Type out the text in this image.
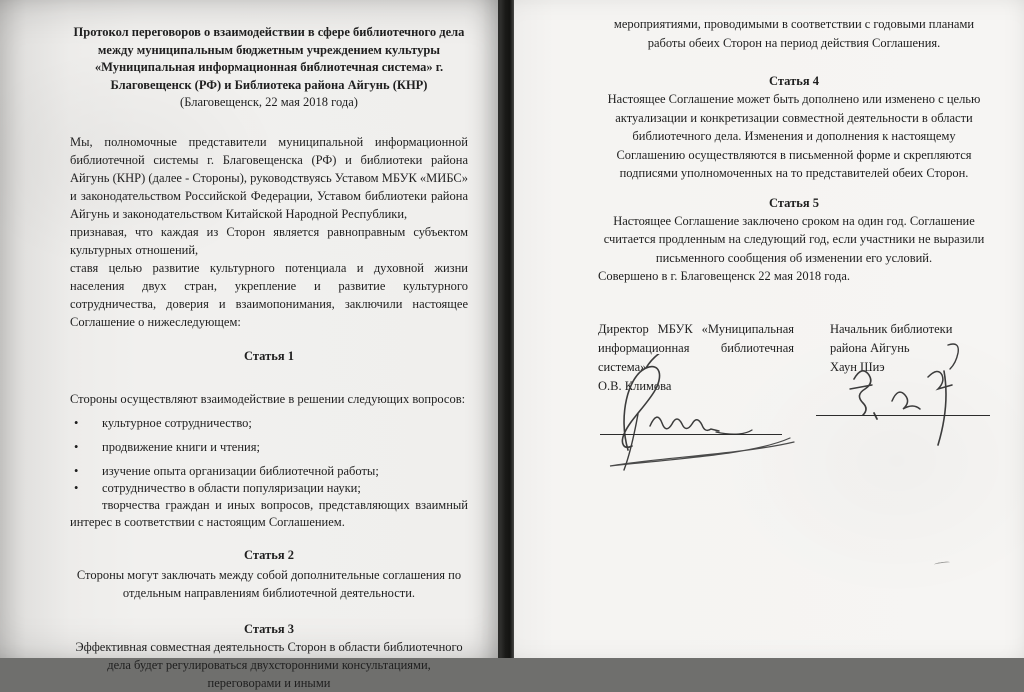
Протокол переговоров о взаимодействии в сфере библиотечного дела между муниципальным бюджетным учреждением культуры «Муниципальная информационная библиотечная система» г. Благовещенск (РФ) и Библиотека района Айгунь (КНР)

(Благовещенск, 22 мая 2018 года)

Мы, полномочные представители муниципальной информационной библиотечной системы г. Благовещенска (РФ) и библиотеки района Айгунь (КНР) (далее - Стороны), руководствуясь Уставом МБУК «МИБС» и законодательством Российской Федерации, Уставом библиотеки района Айгунь и законодательством Китайской Народной Республики,

признавая, что каждая из Сторон является равноправным субъектом культурных отношений,

ставя целью развитие культурного потенциала и духовной жизни населения двух стран, укрепление и развитие культурного сотрудничества, доверия и взаимопонимания, заключили настоящее Соглашение о нижеследующем:

Статья 1

Стороны осуществляют взаимодействие в решении следующих вопросов:

• культурное сотрудничество;
• продвижение книги и чтения;
• изучение опыта организации библиотечной работы;
• сотрудничество в области популяризации науки;

творчества граждан и иных вопросов, представляющих взаимный интерес в соответствии с настоящим Соглашением.

Статья 2

Стороны могут заключать между собой дополнительные соглашения по отдельным направлениям библиотечной деятельности.

Статья 3

Эффективная совместная деятельность Сторон в области библиотечного дела будет регулироваться двухсторонними консультациями, переговорами и иными

мероприятиями, проводимыми в соответствии с годовыми планами работы обеих Сторон на период действия Соглашения.

Статья 4

Настоящее Соглашение может быть дополнено или изменено с целью актуализации и конкретизации совместной деятельности в области библиотечного дела. Изменения и дополнения к настоящему Соглашению осуществляются в письменной форме и скрепляются подписями уполномоченных на то представителей обеих Сторон.

Статья 5

Настоящее Соглашение заключено сроком на один год. Соглашение считается продленным на следующий год, если участники не выразили письменного сообщения об изменении его условий.

Совершено в г. Благовещенск 22 мая 2018 года.

Директор МБУК «Муниципальная информационная библиотечная система»

О.В. Климова

Начальник библиотеки района Айгунь

Хаун Шиэ
